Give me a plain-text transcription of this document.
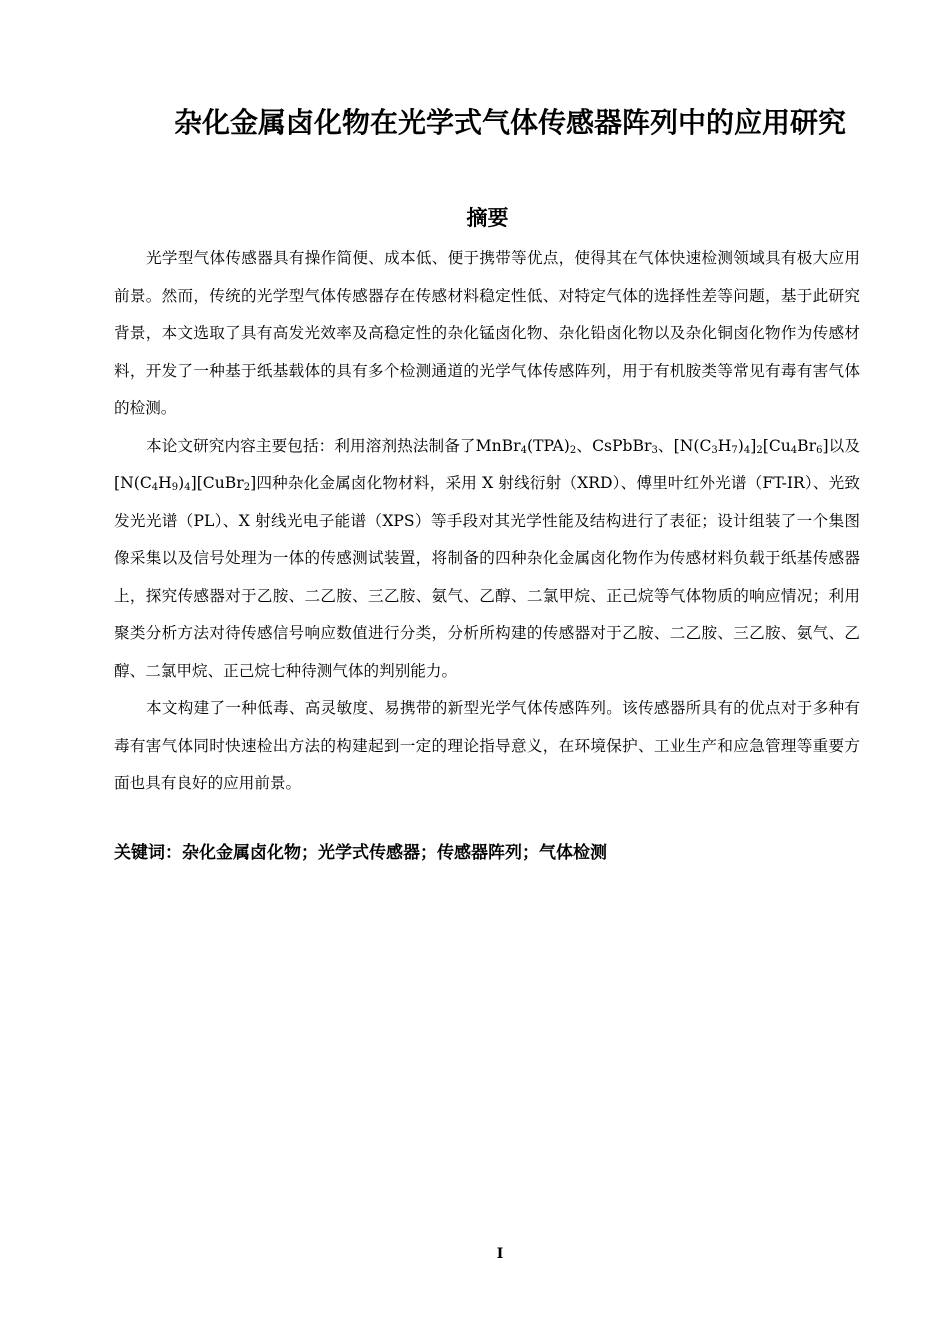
杂化金属卤化物在光学式气体传感器阵列中的应用研究
摘要

光学型气体传感器具有操作简便、成本低、便于携带等优点，使得其在气体快速检测领域具有极大应用前景。然而，传统的光学型气体传感器存在传感材料稳定性低、对特定气体的选择性差等问题，基于此研究背景，本文选取了具有高发光效率及高稳定性的杂化锰卤化物、杂化铅卤化物以及杂化铜卤化物作为传感材料，开发了一种基于纸基载体的具有多个检测通道的光学气体传感阵列，用于有机胺类等常见有毒有害气体的检测。

本论文研究内容主要包括：利用溶剂热法制备了$MnBr_4(TPA)_2$、CsPbBr$_3$、$[N(C_3H_7)_4]_2[Cu_4Br_6]$以及$[N(C_4H_9)_4][CuBr_2]$四种杂化金属卤化物材料，采用 X 射线衍射（XRD）、傅里叶红外光谱（FT-IR）、光致发光光谱（PL）、X 射线光电子能谱（XPS）等手段对其光学性能及结构进行了表征；设计组装了一个集图像采集以及信号处理为一体的传感测试装置，将制备的四种杂化金属卤化物作为传感材料负载于纸基传感器上，探究传感器对于乙胺、二乙胺、三乙胺、氨气、乙醇、二氯甲烷、正己烷等气体物质的响应情况；利用聚类分析方法对待传感信号响应数值进行分类，分析所构建的传感器对于乙胺、二乙胺、三乙胺、氨气、乙醇、二氯甲烷、正己烷七种待测气体的判别能力。

本文构建了一种低毒、高灵敏度、易携带的新型光学气体传感阵列。该传感器所具有的优点对于多种有毒有害气体同时快速检出方法的构建起到一定的理论指导意义，在环境保护、工业生产和应急管理等重要方面也具有良好的应用前景。

关键词：杂化金属卤化物；光学式传感器；传感器阵列；气体检测

I
